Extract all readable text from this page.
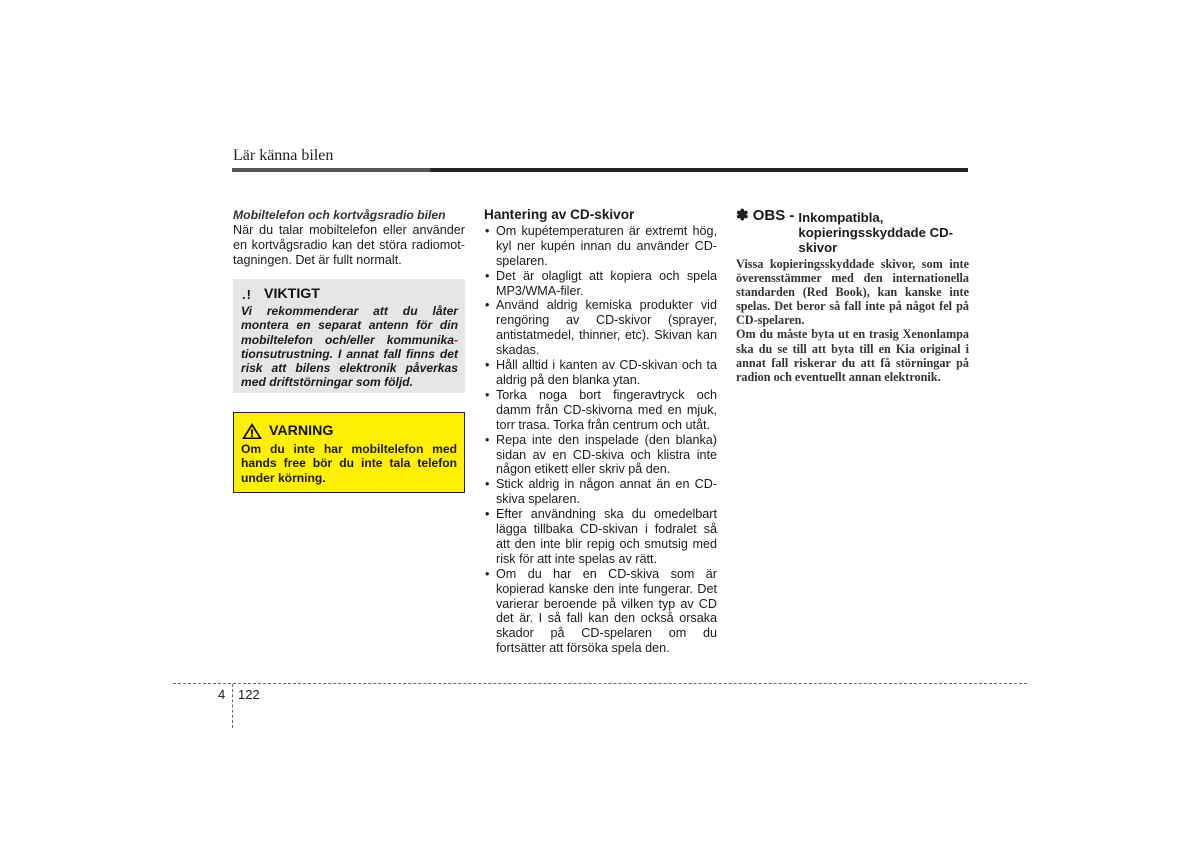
Lär känna bilen
Mobiltelefon och kortvågsradio bilen

När du talar mobiltelefon eller använder en kortvågsradio kan det störa radiomot-tagningen. Det är fullt normalt.

.! VIKTIGT

Vi rekommenderar att du låter montera en separat antenn för din mobiltelefon och/eller kommunika-tionsutrustning. I annat fall finns det risk att bilens elektronik påverkas med driftstörningar som följd.

VARNING

Om du inte har mobiltelefon med hands free bör du inte tala telefon under körning.

Hantering av CD-skivor
• Om kupétemperaturen är extremt hög, kyl ner kupén innan du använder CD-spelaren.
• Det är olagligt att kopiera och spela MP3/WMA-filer.
• Använd aldrig kemiska produkter vid rengöring av CD-skivor (sprayer, antistatmedel, thinner, etc). Skivan kan skadas.
• Håll alltid i kanten av CD-skivan och ta aldrig på den blanka ytan.
• Torka noga bort fingeravtryck och damm från CD-skivorna med en mjuk, torr trasa. Torka från centrum och utåt.
• Repa inte den inspelade (den blanka) sidan av en CD-skiva och klistra inte någon etikett eller skriv på den.
• Stick aldrig in någon annat än en CD-skiva spelaren.
• Efter användning ska du omedelbart lägga tillbaka CD-skivan i fodralet så att den inte blir repig och smutsig med risk för att inte spelas av rätt.
• Om du har en CD-skiva som är kopierad kanske den inte fungerar. Det varierar beroende på vilken typ av CD det är. I så fall kan den också orsaka skador på CD-spelaren om du fortsätter att försöka spela den.
✽ OBS - Inkompatibla, kopieringsskyddade CD-skivor

Vissa kopieringsskyddade skivor, som inte överensstämmer med den internationella standarden (Red Book), kan kanske inte spelas. Det beror så fall inte på något fel på CD-spelaren.

Om du måste byta ut en trasig Xenonlampa ska du se till att byta till en Kia original i annat fall riskerar du att få störningar på radion och eventuellt annan elektronik.

4 122
